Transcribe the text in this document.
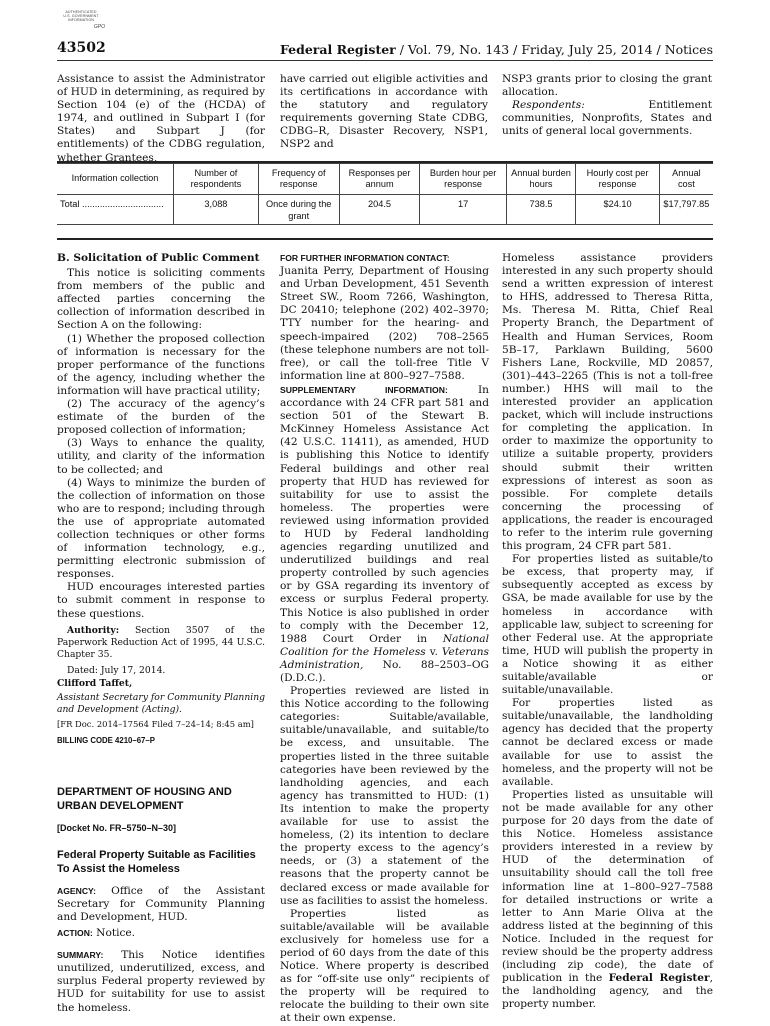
AUTHENTICATED
U.S. GOVERNMENT
INFORMATION
GPO
43502	Federal Register / Vol. 79, No. 143 / Friday, July 25, 2014 / Notices

Assistance to assist the Administrator of HUD in determining, as required by Section 104 (e) of the (HCDA) of 1974, and outlined in Subpart I (for States) and Subpart J (for entitlements) of the CDBG regulation, whether Grantees,

have carried out eligible activities and its certifications in accordance with the statutory and regulatory requirements governing State CDBG, CDBG–R, Disaster Recovery, NSP1, NSP2 and

NSP3 grants prior to closing the grant allocation.

Respondents: Entitlement communities, Nonprofits, States and units of general local governments.

Information collection	Number of respondents	Frequency of response	Responses per annum	Burden hour per response	Annual burden hours	Hourly cost per response	Annual cost
Total ................................	3,088	Once during the grant	204.5	17	738.5	$24.10	$17,797.85

B. Solicitation of Public Comment

This notice is soliciting comments from members of the public and affected parties concerning the collection of information described in Section A on the following:

(1) Whether the proposed collection of information is necessary for the proper performance of the functions of the agency, including whether the information will have practical utility;

(2) The accuracy of the agency’s estimate of the burden of the proposed collection of information;

(3) Ways to enhance the quality, utility, and clarity of the information to be collected; and

(4) Ways to minimize the burden of the collection of information on those who are to respond; including through the use of appropriate automated collection techniques or other forms of information technology, e.g., permitting electronic submission of responses.

HUD encourages interested parties to submit comment in response to these questions.

Authority: Section 3507 of the Paperwork Reduction Act of 1995, 44 U.S.C. Chapter 35.

Dated: July 17, 2014.

Clifford Taffet,

Assistant Secretary for Community Planning and Development (Acting).

[FR Doc. 2014–17564 Filed 7–24–14; 8:45 am]

BILLING CODE 4210–67–P

DEPARTMENT OF HOUSING AND URBAN DEVELOPMENT

[Docket No. FR–5750–N–30]

Federal Property Suitable as Facilities To Assist the Homeless

AGENCY: Office of the Assistant Secretary for Community Planning and Development, HUD.

ACTION: Notice.

SUMMARY: This Notice identifies unutilized, underutilized, excess, and surplus Federal property reviewed by HUD for suitability for use to assist the homeless.

FOR FURTHER INFORMATION CONTACT:

Juanita Perry, Department of Housing and Urban Development, 451 Seventh Street SW., Room 7266, Washington, DC 20410; telephone (202) 402–3970; TTY number for the hearing- and speech-impaired (202) 708–2565 (these telephone numbers are not toll-free), or call the toll-free Title V information line at 800–927–7588.

SUPPLEMENTARY INFORMATION: In accordance with 24 CFR part 581 and section 501 of the Stewart B. McKinney Homeless Assistance Act (42 U.S.C. 11411), as amended, HUD is publishing this Notice to identify Federal buildings and other real property that HUD has reviewed for suitability for use to assist the homeless. The properties were reviewed using information provided to HUD by Federal landholding agencies regarding unutilized and underutilized buildings and real property controlled by such agencies or by GSA regarding its inventory of excess or surplus Federal property. This Notice is also published in order to comply with the December 12, 1988 Court Order in National Coalition for the Homeless v. Veterans Administration, No. 88–2503–OG (D.D.C.).

Properties reviewed are listed in this Notice according to the following categories: Suitable/available, suitable/unavailable, and suitable/to be excess, and unsuitable. The properties listed in the three suitable categories have been reviewed by the landholding agencies, and each agency has transmitted to HUD: (1) Its intention to make the property available for use to assist the homeless, (2) its intention to declare the property excess to the agency’s needs, or (3) a statement of the reasons that the property cannot be declared excess or made available for use as facilities to assist the homeless.

Properties listed as suitable/available will be available exclusively for homeless use for a period of 60 days from the date of this Notice. Where property is described as for “off-site use only” recipients of the property will be required to relocate the building to their own site at their own expense.

Homeless assistance providers interested in any such property should send a written expression of interest to HHS, addressed to Theresa Ritta, Ms. Theresa M. Ritta, Chief Real Property Branch, the Department of Health and Human Services, Room 5B–17, Parklawn Building, 5600 Fishers Lane, Rockville, MD 20857, (301)–443–2265 (This is not a toll-free number.) HHS will mail to the interested provider an application packet, which will include instructions for completing the application. In order to maximize the opportunity to utilize a suitable property, providers should submit their written expressions of interest as soon as possible. For complete details concerning the processing of applications, the reader is encouraged to refer to the interim rule governing this program, 24 CFR part 581.

For properties listed as suitable/to be excess, that property may, if subsequently accepted as excess by GSA, be made available for use by the homeless in accordance with applicable law, subject to screening for other Federal use. At the appropriate time, HUD will publish the property in a Notice showing it as either suitable/available or suitable/unavailable.

For properties listed as suitable/unavailable, the landholding agency has decided that the property cannot be declared excess or made available for use to assist the homeless, and the property will not be available.

Properties listed as unsuitable will not be made available for any other purpose for 20 days from the date of this Notice. Homeless assistance providers interested in a review by HUD of the determination of unsuitability should call the toll free information line at 1–800–927–7588 for detailed instructions or write a letter to Ann Marie Oliva at the address listed at the beginning of this Notice. Included in the request for review should be the property address (including zip code), the date of publication in the Federal Register, the landholding agency, and the property number.
